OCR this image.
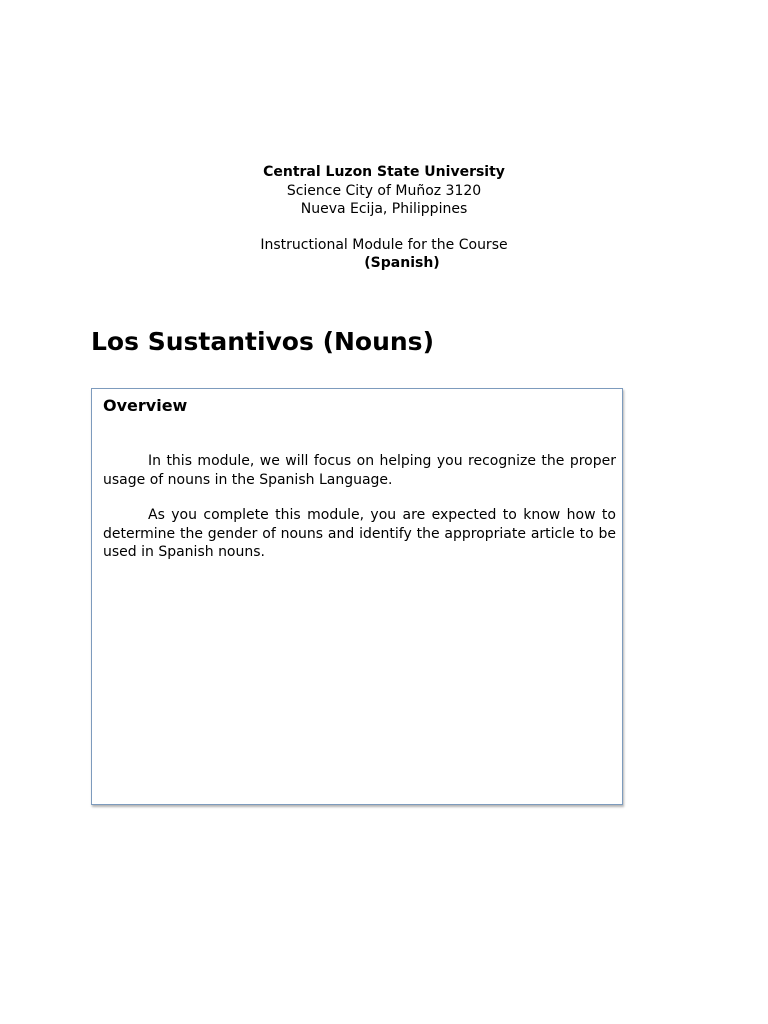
Central Luzon State University
Science City of Muñoz 3120
Nueva Ecija, Philippines
Instructional Module for the Course
(Spanish)
Los Sustantivos (Nouns)
Overview

In this module, we will focus on helping you recognize the proper usage of nouns in the Spanish Language.

As you complete this module, you are expected to know how to determine the gender of nouns and identify the appropriate article to be used in Spanish nouns.
